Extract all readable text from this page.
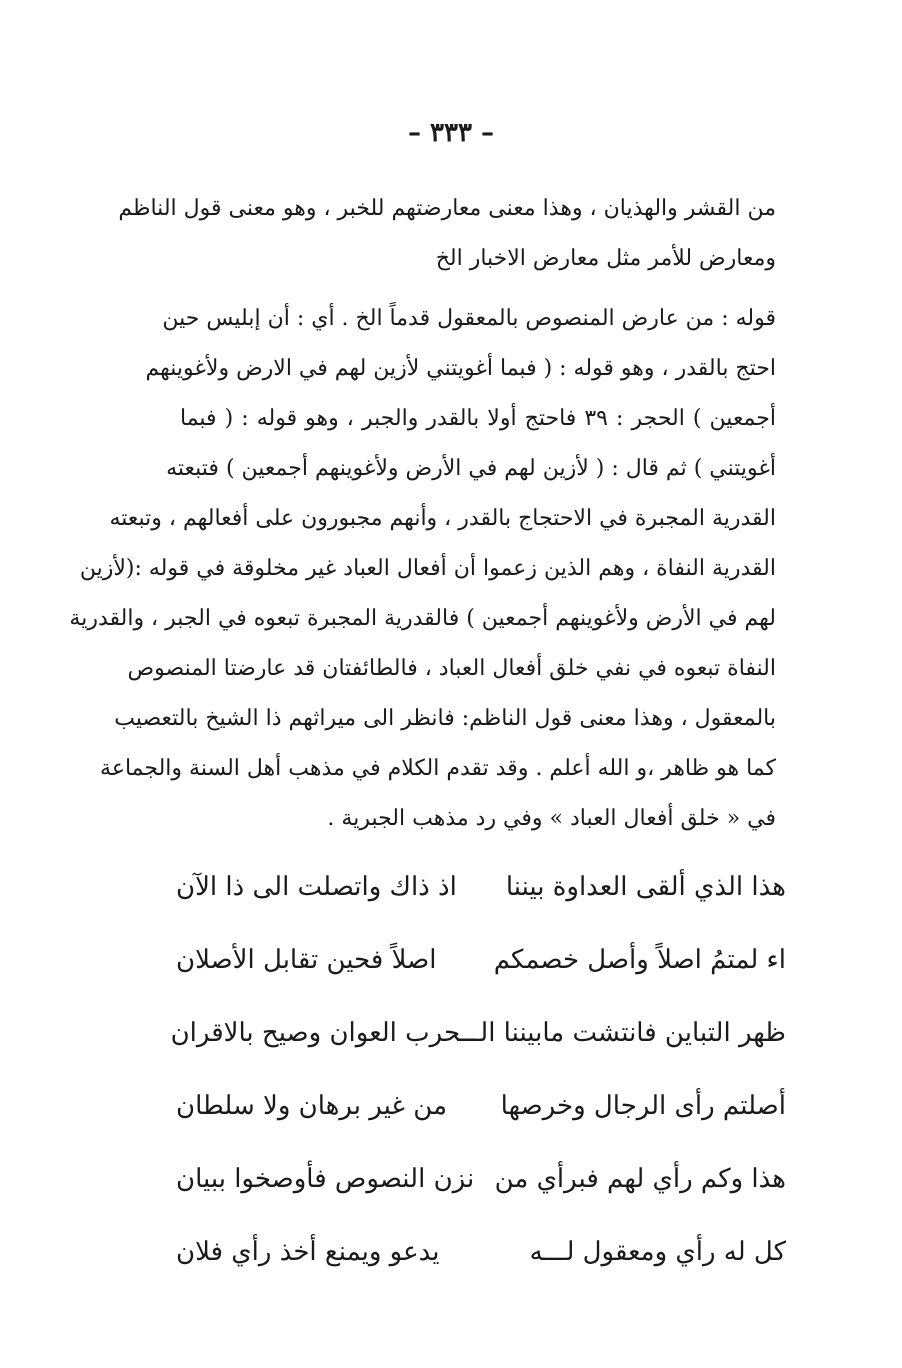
– ٣٣٣ –

من القشر والهذيان ، وهذا معنى معارضتهم للخبر ، وهو معنى قول الناظم
ومعارض للأمر مثل معارض الاخبار الخ

قوله : من عارض المنصوص بالمعقول قدماً الخ . أي : أن إبليس حين
احتج بالقدر ، وهو قوله : ( فبما أغويتني لأزين لهم في الارض ولأغوينهم
أجمعين ) الحجر : ٣٩ فاحتج أولا بالقدر والجبر ، وهو قوله : ( فبما
أغويتني ) ثم قال : ( لأزين لهم في الأرض ولأغوينهم أجمعين ) فتبعته
القدرية المجبرة في الاحتجاج بالقدر ، وأنهم مجبورون على أفعالهم ، وتبعته
القدرية النفاة ، وهم الذين زعموا أن أفعال العباد غير مخلوقة في قوله :(لأزين
لهم في الأرض ولأغوينهم أجمعين ) فالقدرية المجبرة تبعوه في الجبر ، والقدرية
النفاة تبعوه في نفي خلق أفعال العباد ، فالطائفتان قد عارضتا المنصوص
بالمعقول ، وهذا معنى قول الناظم: فانظر الى ميراثهم ذا الشيخ بالتعصيب
كما هو ظاهر ،و الله أعلم . وقد تقدم الكلام في مذهب أهل السنة والجماعة
في « خلق أفعال العباد » وفي رد مذهب الجبرية .

هذا الذي ألقى العداوة بيننا
اذ ذاك واتصلت الى ذا الآن
اء لمتمُ اصلاً وأصل خصمكم
اصلاً فحين تقابل الأصلان
ظهر التباين فانتشت مابيننا الـــ
ــحرب العوان وصيح بالاقران
أصلتم رأى الرجال وخرصها
من غير برهان ولا سلطان
هذا وكم رأي لهم فبرأي من
نزن النصوص فأوصخوا ببيان
كل له رأي ومعقول لـــه
يدعو ويمنع أخذ رأي فلان
